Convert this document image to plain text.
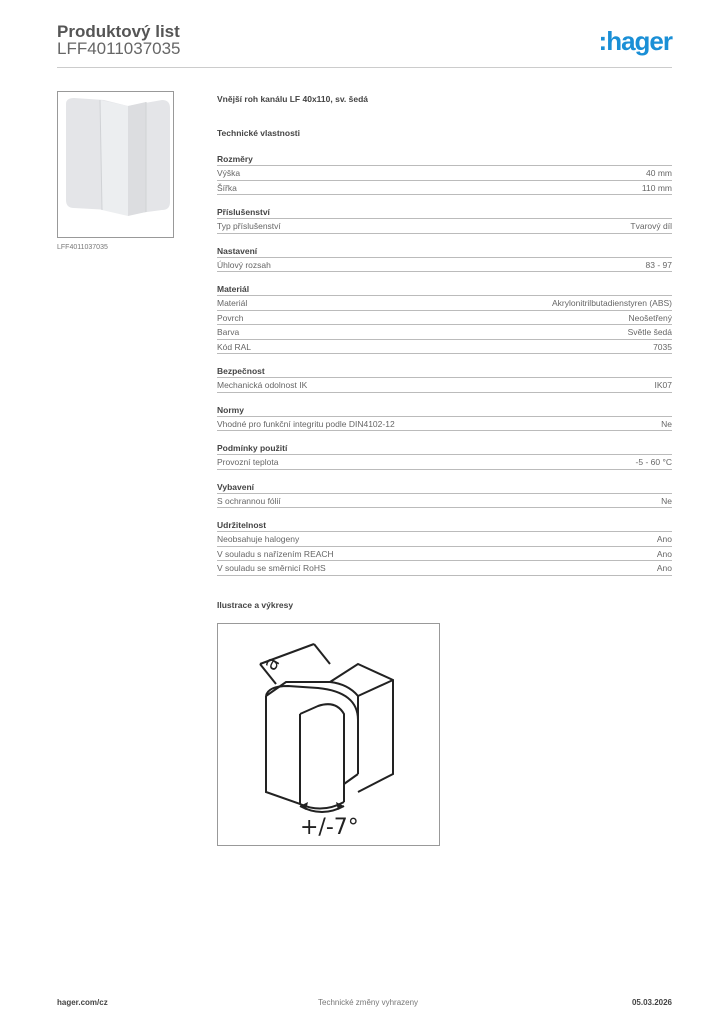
Produktový list
LFF4011037035	:hager
LFF4011037035
Vnější roh kanálu LF 40x110, sv. šedá
Technické vlastnosti
Rozměry
Výška	40 mm
Šířka	110 mm
Příslušenství
Typ příslušenství	Tvarový díl
Nastavení
Úhlový rozsah	83 - 97
Materiál
Materiál	Akrylonitrilbutadienstyren (ABS)
Povrch	Neošetřený
Barva	Světle šedá
Kód RAL	7035
Bezpečnost
Mechanická odolnost IK	IK07
Normy
Vhodné pro funkční integritu podle DIN4102-12	Ne
Podmínky použití
Provozní teplota	-5 - 60 °C
Vybavení
S ochrannou fólií	Ne
Udržitelnost
Neobsahuje halogeny	Ano
V souladu s nařízením REACH	Ano
V souladu se směrnicí RoHS	Ano
Ilustrace a výkresy
a
+/-7°
hager.com/cz	Technické změny vyhrazeny	05.03.2026
